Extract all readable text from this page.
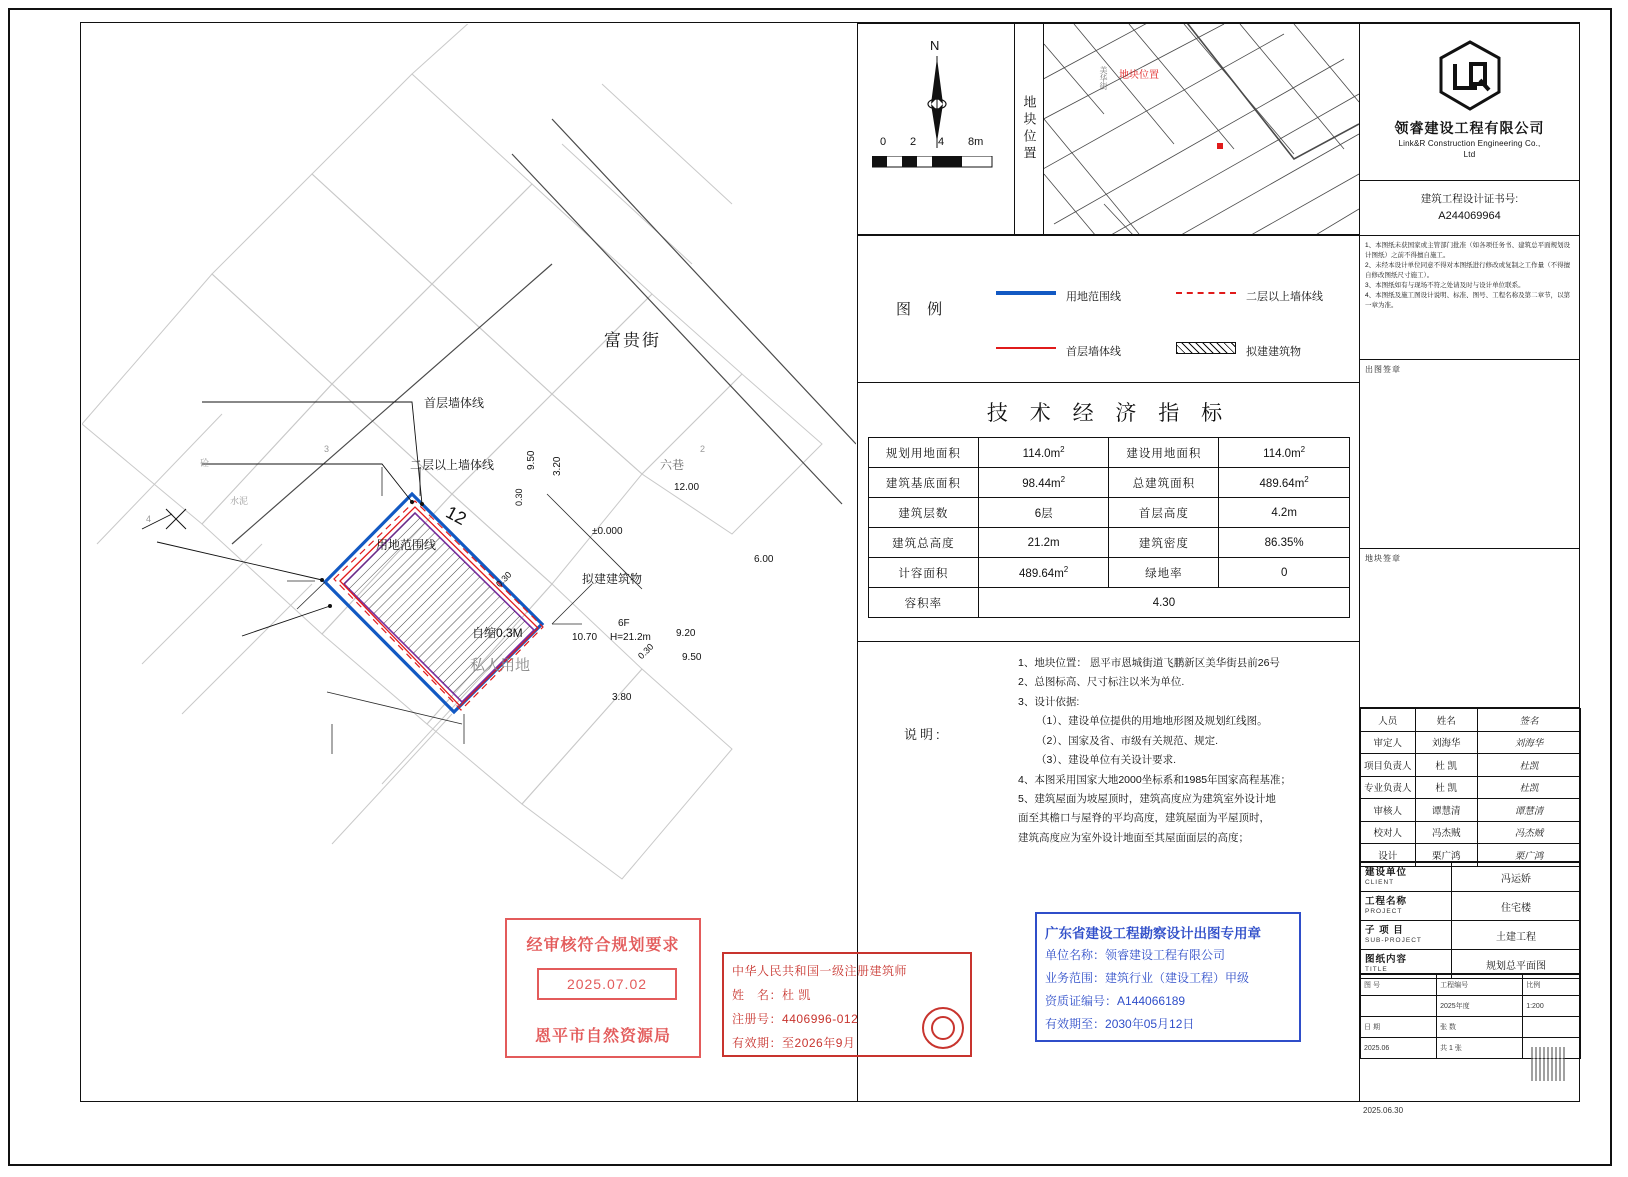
富贵街
六巷
私人用地
首层墙体线
二层以上墙体线
用地范围线
自缩0.3M
±0.000
拟建建筑物
6F
H=21.2m
9.50 3.20
12.00
0.30
6.00
0.30
10.70	9.20
0.30	9.50
3.80
12
砼
水泥
4
3	2
N
0 2 4 8m	地块位置
地块位置
美华街
领睿建设工程有限公司
Link&R Construction Engineering Co.,
Ltd
建筑工程设计证书号:
A244069964
1、本图纸未获国家或主管部门批准（如各项任务书、建筑总平面规划设计图纸）之前不得擅自施工。
2、未经本设计单位同意不得对本图纸进行修改或复制之工作量（不得擅自修改图纸尺寸施工）。
3、本图纸如有与现场不符之处请及时与设计单位联系。
4、本图纸及施工图设计说明、标准、图号、工程名称及第二章节，以第一章为准。
图 例
用地范围线	二层以上墙体线
首层墙体线	拟建建筑物
技 术 经 济 指 标
规划用地面积	$114.0m^2$	建设用地面积	$114.0m^2$
建筑基底面积	$98.44m^2$	总建筑面积	$489.64m^2$
建筑层数	6层	首层高度	4.2m
建筑总高度	21.2m	建筑密度	86.35%
计容面积	$489.64m^2$	绿地率	0
容积率	4.30		
说明:
1、地块位置： 恩平市恩城街道飞鹏新区美华街县前26号
2、总图标高、尺寸标注以米为单位.
3、设计依据:
（1）、建设单位提供的用地地形图及规划红线图。
（2）、国家及省、市级有关规范、规定.
（3）、建设单位有关设计要求.
4、本图采用国家大地2000坐标系和1985年国家高程基准；
5、建筑屋面为坡屋顶时，建筑高度应为建筑室外设计地
面至其檐口与屋脊的平均高度，建筑屋面为平屋顶时，
建筑高度应为室外设计地面至其屋面面层的高度；
出图签章
地块签章
人员	姓名	签名
审定人	刘海华	刘海华
项目负责人	杜 凯	杜凯
专业负责人	杜 凯	杜凯
审核人	谭慧清	谭慧清
校对人	冯杰贼	冯杰贼
设计	栗广鸿	栗广鸿
建设单位
CLIENT	冯运娇
工程名称
PROJECT	住宅楼
子 项 目
SUB-PROJECT	土建工程
图纸内容
TITLE	规划总平面图
图 号	工程编号	比例
	2025年度	1:200
日 期	张 数	
2025.06	共 1 张	
2025.06.30
经审核符合规划要求
2025.07.02
恩平市自然资源局
中华人民共和国一级注册建筑师
姓　名：杜 凯
注册号：4406996-012
有效期：至2026年9月
广东省建设工程勘察设计出图专用章
单位名称：领睿建设工程有限公司
业务范围：建筑行业（建设工程）甲级
资质证编号：A144066189
有效期至：2030年05月12日
